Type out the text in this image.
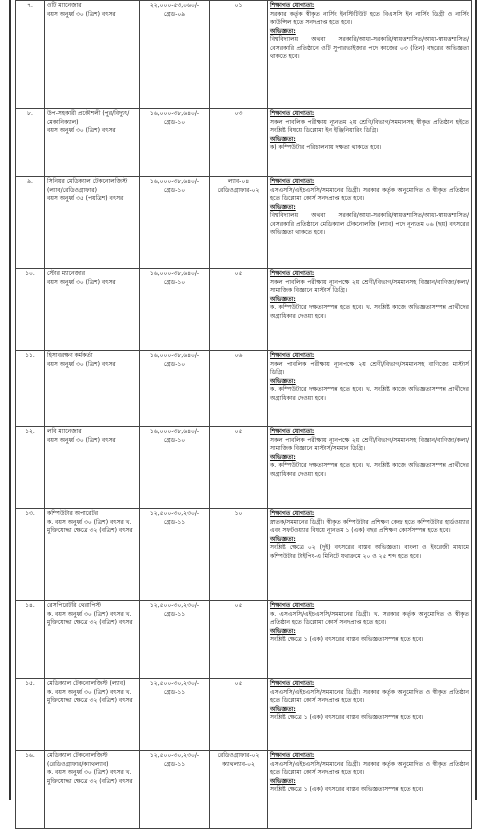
৭.	ওটি ম্যানেজার
বয়স অনুর্ধ্ব ৩০ (ত্রিশ) বৎসর	২২,০০০-৫৩,০৬০/-
গ্রেড-০৯	০১	শিক্ষাগত যোগ্যতা:
সরকার কর্তৃক স্বীকৃত নার্সিং ইনস্টিটিউট হতে বিএসসি ইন নার্সিং ডিগ্রী ও নার্সিং কাউন্সিল হতে সনদপ্রাপ্ত হতে হবে।
অভিজ্ঞতা:
বিশ্ববিদ্যালয় অথবা সরকারি/আধা-সরকারি/স্বায়ত্তশাসিত/আধা-স্বায়ত্তশাসিত/বেসরকারি প্রতিষ্ঠানে ওটি সুপারভাইজার পদে কাজের ০৩ (তিন) বছরের অভিজ্ঞতা থাকতে হবে।

৮.	উপ-সহকারী প্রকৌশলী (পুর/বিদ্যুৎ/মেকানিক্যাল)
বয়স অনুর্ধ্ব ৩০ (ত্রিশ) বৎসর	১৬,০০০-৩৮,৬৪০/-
গ্রেড-১০	০৩	শিক্ষাগত যোগ্যতা:
সকল পাবলিক পরীক্ষায় ন্যূনতম ২য় শ্রেণি/বিভাগ/সমমানসহ স্বীকৃত প্রতিষ্ঠান হইতে সংশ্লিষ্ট বিষয়ে ডিপ্লোমা ইন ইঞ্জিনিয়ারিং ডিগ্রি।
অভিজ্ঞতা:
ক) কম্পিউটার পরিচালনায় দক্ষতা থাকতে হবে।

৯.	সিনিয়র মেডিক্যাল টেকনোলজিস্ট (ল্যাব/রেডিওগ্রাফার)
বয়স অনুর্ধ্ব ৩৫ (পয়ত্রিশ) বৎসর	১৬,০০০-৩৮,৬৪০/-
গ্রেড-১০	ল্যাব-০৪ রেডিওগ্রাফার-০২	শিক্ষাগত যোগ্যতা:
এসএসসি/এইচএসসি/সমমানের ডিগ্রী। সরকার কর্তৃক অনুমোদিত ও স্বীকৃত প্রতিষ্ঠান হতে ডিপ্লোমা কোর্স সনদপ্রাপ্ত হতে হবে।
অভিজ্ঞতা:
বিশ্ববিদ্যালয় অথবা সরকারি/আধা-সরকারি/স্বায়ত্তশাসিত/আধা-স্বায়ত্তশাসিত/বেসরকারি প্রতিষ্ঠানে মেডিক্যাল টেকনোলজি (ল্যাব) পদে নূন্যতম ০৬ (ছয়) বৎসরের অভিজ্ঞতা থাকতে হবে।

১০.	স্টোর ম্যানেজার
বয়স অনুর্ধ্ব ৩০ (ত্রিশ) বৎসর	১৬,০০০-৩৮,৬৪০/-
গ্রেড-১০	০৫	শিক্ষাগত যোগ্যতা:
সকল পাবলিক পরীক্ষায় ন্যূনপক্ষে ২য় শ্রেণী/বিভাগ/সমমানসহ বিজ্ঞান/বাণিজ্য/কলা/সামাজিক বিজ্ঞানে মাস্টার্স ডিগ্রি।
অভিজ্ঞতা:
ক. কম্পিউটারে দক্ষতাসম্পন্ন হতে হবে। খ. সংশ্লিষ্ট কাজে অভিজ্ঞতাসম্পন্ন প্রার্থীদের অগ্রাধিকার দেওয়া হবে।

১১.	হিসাবরক্ষণ কর্মকর্তা
বয়স অনুর্ধ্ব ৩০ (ত্রিশ) বৎসর	১৬,০০০-৩৮,৬৪০/-
গ্রেড-১০	০৬	শিক্ষাগত যোগ্যতা:
সকল পাবলিক পরীক্ষায় ন্যূনপক্ষে ২য় শ্রেণী/বিভাগ/সমমানসহ বাণিজ্যে মাস্টার্স ডিগ্রি।
অভিজ্ঞতা:
ক. কম্পিউটারে দক্ষতাসম্পন্ন হতে হবে। খ. সংশ্লিষ্ট কাজে অভিজ্ঞতাসম্পন্ন প্রার্থীদের অগ্রাধিকার দেওয়া হবে।

১২.	লবি ম্যানেজার
বয়স অনুর্ধ্ব ৩০ (ত্রিশ) বৎসর	১৬,০০০-৩৮,৬৪০/-
গ্রেড-১০	০৫	শিক্ষাগত যোগ্যতা:
সকল পাবলিক পরীক্ষায় ন্যূনপক্ষে ২য় শ্রেণী/বিভাগ/সমমানসহ বিজ্ঞান/বাণিজ্য/কলা/সামাজিক বিজ্ঞানে মাস্টার্স/সমমান ডিগ্রি।
অভিজ্ঞতা:
ক. কম্পিউটারে দক্ষতাসম্পন্ন হতে হবে। খ. সংশ্লিষ্ট কাজে অভিজ্ঞতাসম্পন্ন প্রার্থীদের অগ্রাধিকার দেওয়া হবে।

১৩.	কম্পিউটার অপারেটর
ক. বয়স অনুর্ধ্ব ৩০ (ত্রিশ) বৎসর খ. মুক্তিযোদ্ধা ক্ষেত্রে ৩২ (বত্রিশ) বৎসর	১২,৫০০-৩০,২৩০/-
গ্রেড-১১	১০	শিক্ষাগত যোগ্যতা:
স্নাতক/সমমানের ডিগ্রী। স্বীকৃত কম্পিউটার প্রশিক্ষণ কেন্দ্র হতে কম্পিউটার হার্ডওয়্যার এবং সফটওয়্যার বিষয়ে ন্যূনতম ১ (এক) বছর প্রশিক্ষণ কোর্সসম্পন্ন হতে হবে।
অভিজ্ঞতা:
সংশ্লিষ্ট ক্ষেত্রে ০২ (দুই) বৎসরের বাস্তব অভিজ্ঞতা। বাংলা ও ইংরেজী মাধ্যমে কম্পিউটার টাইপিং-এ মিনিটে যথাক্রমে ২০ ও ২৫ শব্দ হতে হবে।

১৪.	রেসপিরেটরি থেরাপিস্ট
ক. বয়স অনুর্ধ্ব ৩০ (ত্রিশ) বৎসর খ. মুক্তিযোদ্ধা ক্ষেত্রে ৩২ (বত্রিশ) বৎসর	১২,৫০০-৩০,২৩০/-
গ্রেড-১১	০৫	শিক্ষাগত যোগ্যতা:
ক. এসএসসি/এইচএসসি/সমমানের ডিগ্রী। খ. সরকার কর্তৃক অনুমোদিত ও স্বীকৃত প্রতিষ্ঠান হতে ডিপ্লোমা কোর্স সনদপ্রাপ্ত হতে হবে।
অভিজ্ঞতা:
সংশ্লিষ্ট ক্ষেত্রে ১ (এক) বৎসরের বাস্তব অভিজ্ঞতাসম্পন্ন হতে হবে।

১৫.	মেডিক্যাল টেকনোলজিস্ট (ল্যাব)
ক. বয়স অনুর্ধ্ব ৩০ (ত্রিশ) বৎসর খ. মুক্তিযোদ্ধা ক্ষেত্রে ৩২ (বত্রিশ) বৎসর	১২,৫০০-৩০,২৩০/-
গ্রেড-১১	০৫	শিক্ষাগত যোগ্যতা:
এসএসসি/এইচএসসি/সমমানের ডিগ্রী। সরকার কর্তৃক অনুমোদিত ও স্বীকৃত প্রতিষ্ঠান হতে ডিপ্লোমা কোর্স সনদপ্রাপ্ত হতে হবে।
অভিজ্ঞতা:
সংশ্লিষ্ট ক্ষেত্রে ১ (এক) বৎসরের বাস্তব অভিজ্ঞতাসম্পন্ন হতে হবে।

১৬.	মেডিক্যাল টেকনোলজিস্ট (রেডিওগ্রাফার/ক্যাথল্যাব)
ক. বয়স অনুর্ধ্ব ৩০ (ত্রিশ) বৎসর খ. মুক্তিযোদ্ধা ক্ষেত্রে ৩২ (বত্রিশ) বৎসর	১২,৫০০-৩০,২৩০/-
গ্রেড-১১	রেডিওগ্রাফার-০২ ক্যাথল্যাব-০২	শিক্ষাগত যোগ্যতা:
এসএসসি/এইচএসসি/সমমানের ডিগ্রী। সরকার কর্তৃক অনুমোদিত ও স্বীকৃত প্রতিষ্ঠান হতে ডিপ্লোমা কোর্স সনদপ্রাপ্ত হতে হবে।
অভিজ্ঞতা:
সংশ্লিষ্ট ক্ষেত্রে ১ (এক) বৎসরের বাস্তব অভিজ্ঞতাসম্পন্ন হতে হবে।
